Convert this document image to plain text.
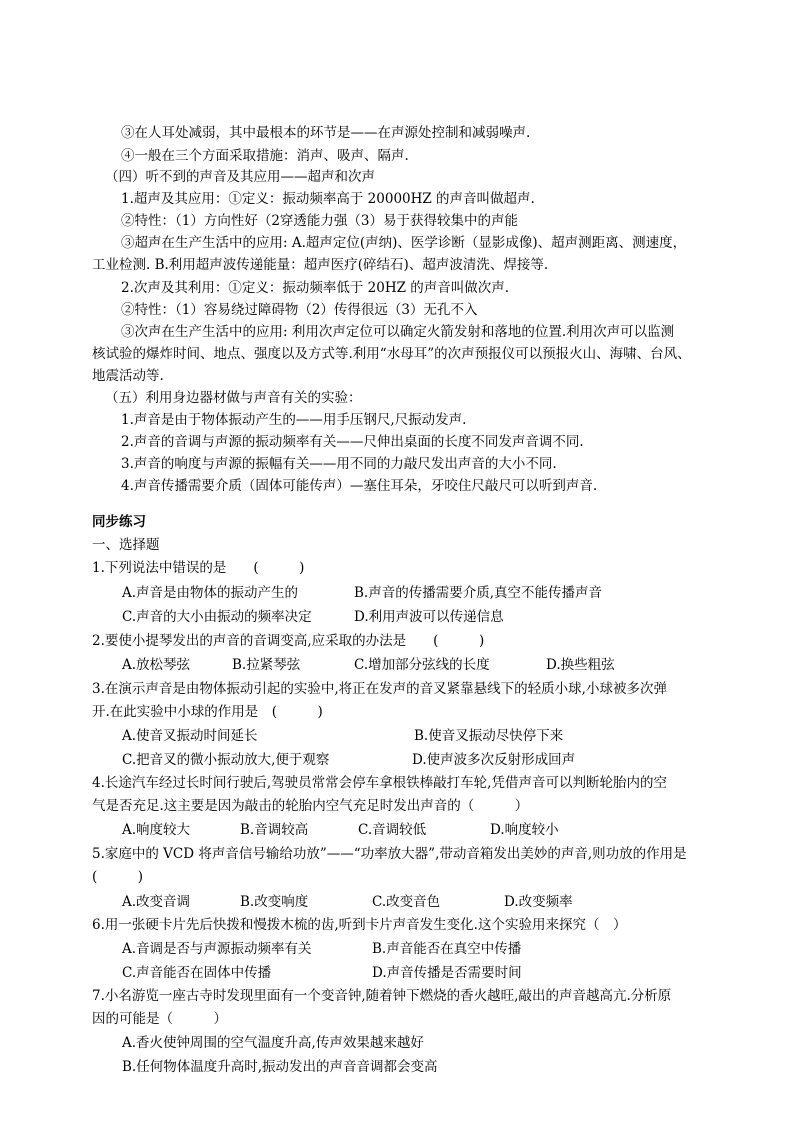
③在人耳处减弱，其中最根本的环节是——在声源处控制和减弱噪声.
④一般在三个方面采取措施：消声、吸声、隔声.
（四）听不到的声音及其应用——超声和次声
1.超声及其应用：①定义：振动频率高于 20000HZ 的声音叫做超声.
②特性：（1）方向性好（2穿透能力强（3）易于获得较集中的声能
③超声在生产生活中的应用: A.超声定位(声纳)、医学诊断（显影成像)、超声测距离、测速度，
工业检测. B.利用超声波传递能量：超声医疗(碎结石)、超声波清洗、焊接等.
2.次声及其利用：①定义：振动频率低于 20HZ 的声音叫做次声.
②特性：（1）容易绕过障碍物（2）传得很远（3）无孔不入
③次声在生产生活中的应用: 利用次声定位可以确定火箭发射和落地的位置.利用次声可以监测
核试验的爆炸时间、地点、强度以及方式等.利用“水母耳”的次声预报仪可以预报火山、海啸、台风、
地震活动等.
（五）利用身边器材做与声音有关的实验：
1.声音是由于物体振动产生的——用手压钢尺,尺振动发声.
2.声音的音调与声源的振动频率有关——尺伸出桌面的长度不同发声音调不同.
3.声音的响度与声源的振幅有关——用不同的力敲尺发出声音的大小不同.
4.声音传播需要介质（固体可能传声）—塞住耳朵，牙咬住尺敲尺可以听到声音.
同步练习
一、选择题
1.下列说法中错误的是　　(　　　)
A.声音是由物体的振动产生的	B.声音的传播需要介质,真空不能传播声音
C.声音的大小由振动的频率决定	D.利用声波可以传递信息
2.要使小提琴发出的声音的音调变高,应采取的办法是　　(　　　)
A.放松琴弦	B.拉紧琴弦	C.增加部分弦线的长度	D.换些粗弦
3.在演示声音是由物体振动引起的实验中,将正在发声的音叉紧靠悬线下的轻质小球,小球被多次弹
开.在此实验中小球的作用是　(　　　)
A.使音叉振动时间延长	B.使音叉振动尽快停下来
C.把音叉的微小振动放大,便于观察	D.使声波多次反射形成回声
4.长途汽车经过长时间行驶后,驾驶员常常会停车拿根铁棒敲打车轮,凭借声音可以判断轮胎内的空
气是否充足.这主要是因为敲击的轮胎内空气充足时发出声音的（　　　）
A.响度较大	B.音调较高	C.音调较低	D.响度较小
5.家庭中的 VCD 将声音信号输给功放”——“功率放大器”,带动音箱发出美妙的声音,则功放的作用是
(　　　)
A.改变音调	B.改变响度	C.改变音色	D.改变频率
6.用一张硬卡片先后快拨和慢拨木梳的齿,听到卡片声音发生变化.这个实验用来探究（　）
A.音调是否与声源振动频率有关	B.声音能否在真空中传播
C.声音能否在固体中传播	D.声音传播是否需要时间
7.小名游览一座古寺时发现里面有一个变音钟,随着钟下燃烧的香火越旺,敲出的声音越高亢.分析原
因的可能是（　　　）
A.香火使钟周围的空气温度升高,传声效果越来越好
B.任何物体温度升高时,振动发出的声音音调都会变高
